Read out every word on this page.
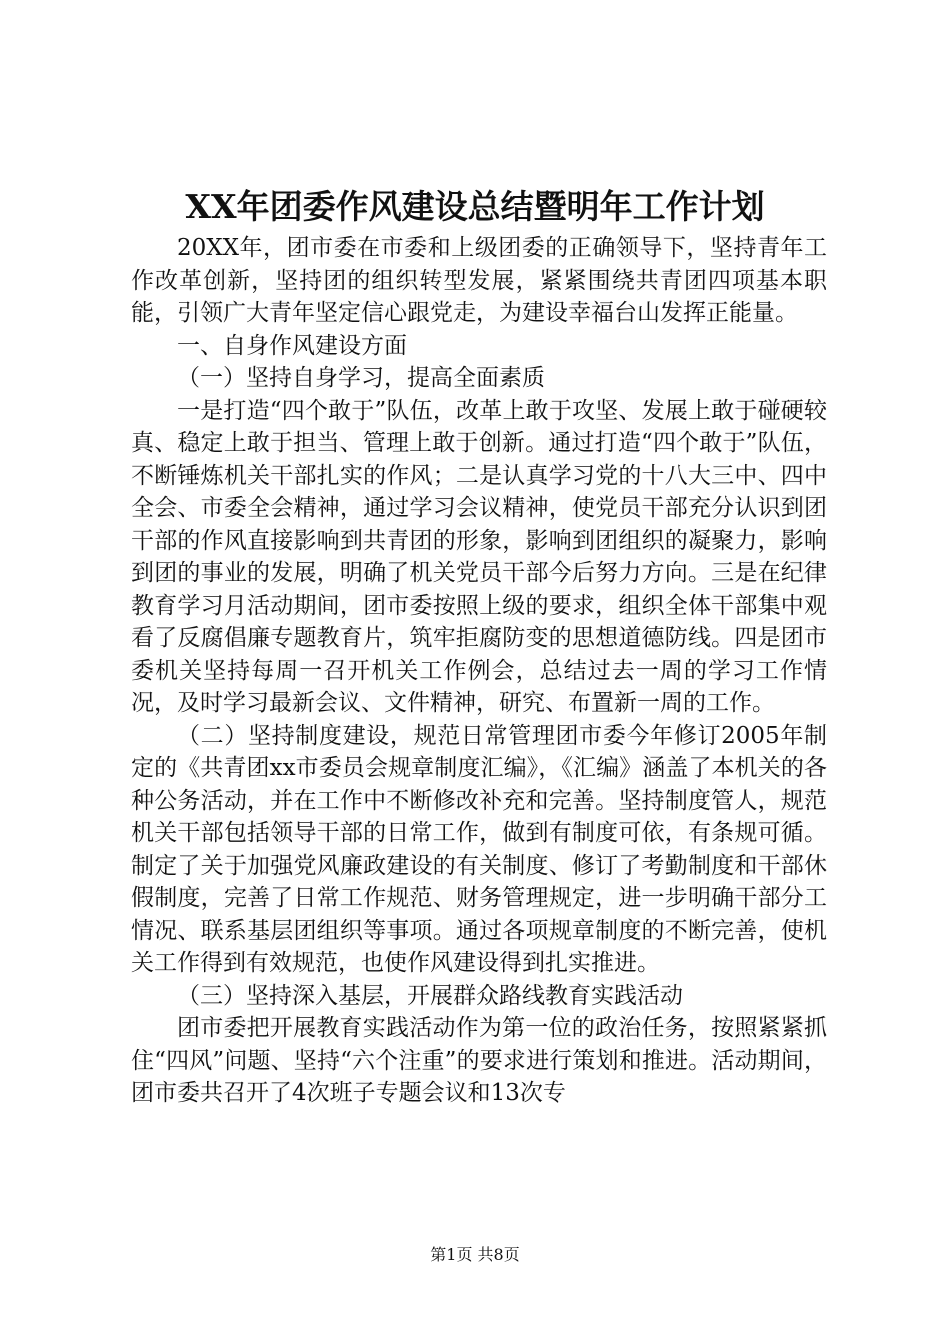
XX年团委作风建设总结暨明年工作计划

20XX年，团市委在市委和上级团委的正确领导下，坚持青年工作改革创新，坚持团的组织转型发展，紧紧围绕共青团四项基本职能，引领广大青年坚定信心跟党走，为建设幸福台山发挥正能量。

一、自身作风建设方面

（一）坚持自身学习，提高全面素质

一是打造“四个敢于”队伍，改革上敢于攻坚、发展上敢于碰硬较真、稳定上敢于担当、管理上敢于创新。通过打造“四个敢于”队伍，不断锤炼机关干部扎实的作风；二是认真学习党的十八大三中、四中全会、市委全会精神，通过学习会议精神，使党员干部充分认识到团干部的作风直接影响到共青团的形象，影响到团组织的凝聚力，影响到团的事业的发展，明确了机关党员干部今后努力方向。三是在纪律教育学习月活动期间，团市委按照上级的要求，组织全体干部集中观看了反腐倡廉专题教育片，筑牢拒腐防变的思想道德防线。四是团市委机关坚持每周一召开机关工作例会，总结过去一周的学习工作情况，及时学习最新会议、文件精神，研究、布置新一周的工作。

（二）坚持制度建设，规范日常管理团市委今年修订2005年制定的《共青团xx市委员会规章制度汇编》，《汇编》涵盖了本机关的各种公务活动，并在工作中不断修改补充和完善。坚持制度管人，规范机关干部包括领导干部的日常工作，做到有制度可依，有条规可循。制定了关于加强党风廉政建设的有关制度、修订了考勤制度和干部休假制度，完善了日常工作规范、财务管理规定，进一步明确干部分工情况、联系基层团组织等事项。通过各项规章制度的不断完善，使机关工作得到有效规范，也使作风建设得到扎实推进。

（三）坚持深入基层，开展群众路线教育实践活动

团市委把开展教育实践活动作为第一位的政治任务，按照紧紧抓住“四风”问题、坚持“六个注重”的要求进行策划和推进。活动期间，团市委共召开了4次班子专题会议和13次专

第1页 共8页
